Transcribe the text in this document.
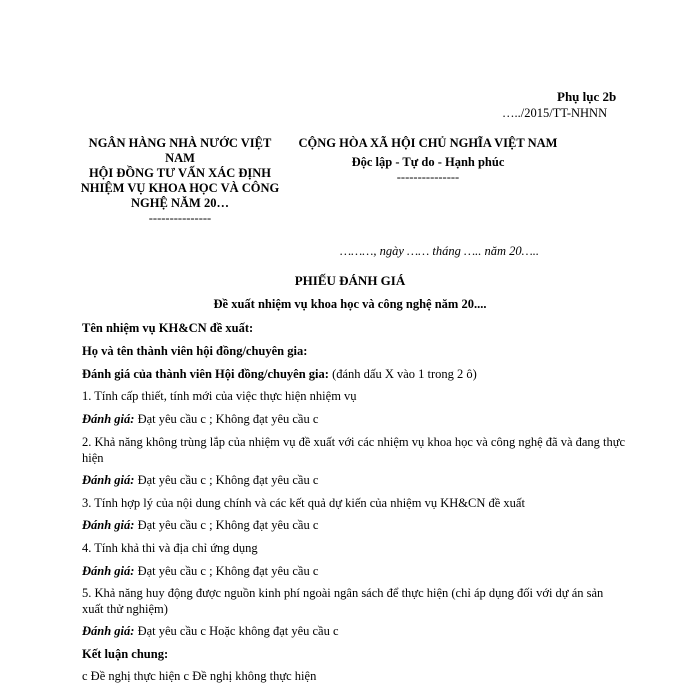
Phụ lục 2b
…../2015/TT-NHNN
NGÂN HÀNG NHÀ NƯỚC VIỆT NAM
HỘI ĐỒNG TƯ VẤN XÁC ĐỊNH NHIỆM VỤ KHOA HỌC VÀ CÔNG NGHỆ NĂM 20…
---------------
CỘNG HÒA XÃ HỘI CHỦ NGHĨA VIỆT NAM
Độc lập - Tự do - Hạnh phúc
---------------
………, ngày …… tháng ….. năm 20…..
PHIẾU ĐÁNH GIÁ
Đề xuất nhiệm vụ khoa học và công nghệ năm 20....
Tên nhiệm vụ KH&CN đề xuất:
Họ và tên thành viên hội đồng/chuyên gia:
Đánh giá của thành viên Hội đồng/chuyên gia: (đánh dấu X vào 1 trong 2 ô)
1. Tính cấp thiết, tính mới của việc thực hiện nhiệm vụ
Đánh giá: Đạt yêu cầu c ; Không đạt yêu cầu c
2. Khả năng không trùng lắp của nhiệm vụ đề xuất với các nhiệm vụ khoa học và công nghệ đã và đang thực hiện
Đánh giá: Đạt yêu cầu c ; Không đạt yêu cầu c
3. Tính hợp lý của nội dung chính và các kết quả dự kiến của nhiệm vụ KH&CN đề xuất
Đánh giá: Đạt yêu cầu c ; Không đạt yêu cầu c
4. Tính khả thi và địa chỉ ứng dụng
Đánh giá: Đạt yêu cầu c ; Không đạt yêu cầu c
5. Khả năng huy động được nguồn kinh phí ngoài ngân sách để thực hiện (chỉ áp dụng đối với dự án sản xuất thử nghiệm)
Đánh giá: Đạt yêu cầu c Hoặc không đạt yêu cầu c
Kết luận chung:
c Đề nghị thực hiện c Đề nghị không thực hiện
